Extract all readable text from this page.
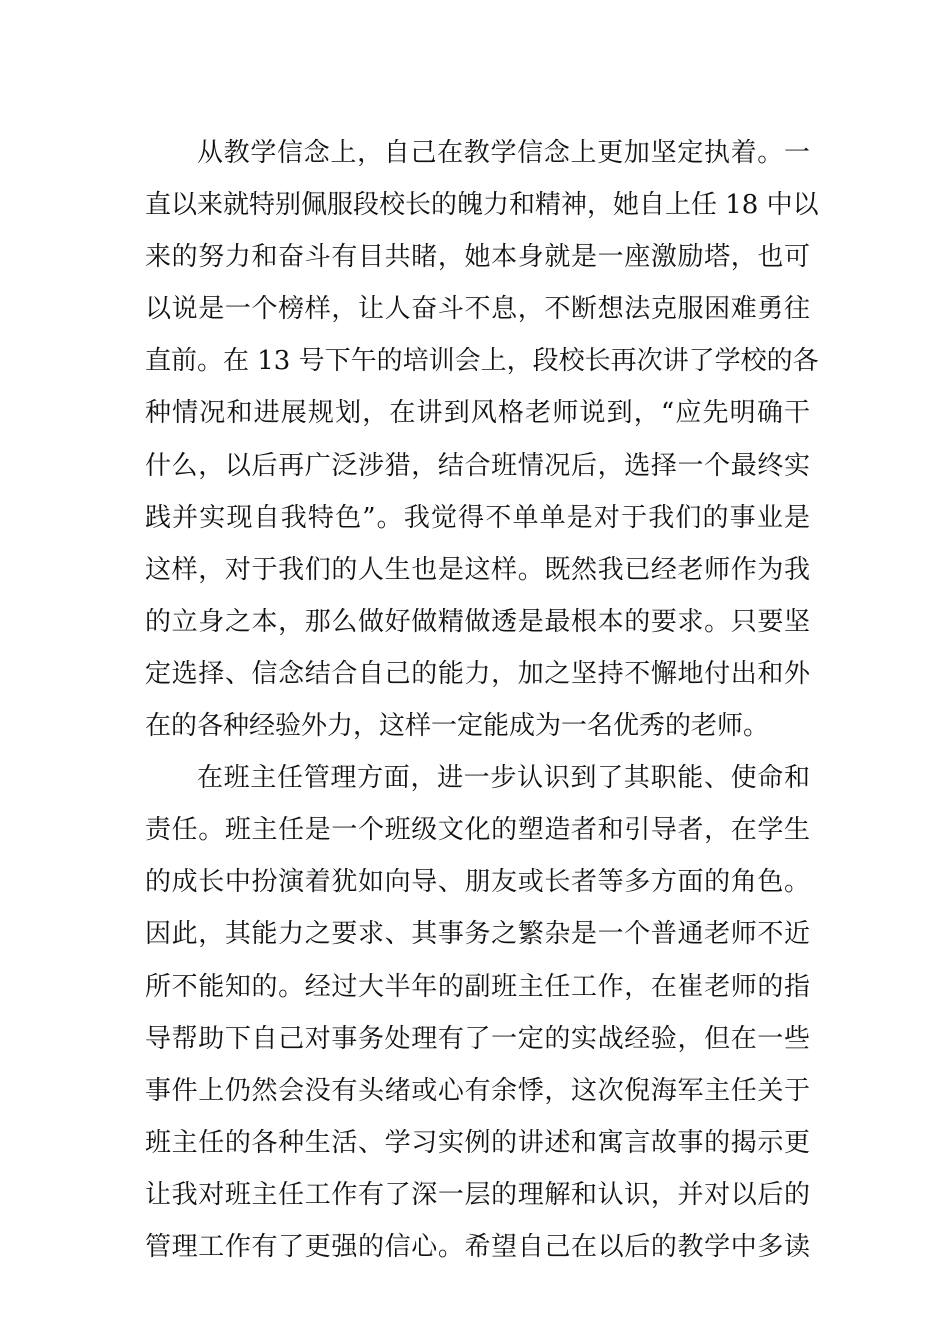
从教学信念上，自己在教学信念上更加坚定执着。一
直以来就特别佩服段校长的魄力和精神，她自上任 18 中以
来的努力和奋斗有目共睹，她本身就是一座激励塔，也可
以说是一个榜样，让人奋斗不息，不断想法克服困难勇往
直前。在 13 号下午的培训会上，段校长再次讲了学校的各
种情况和进展规划，在讲到风格老师说到，“应先明确干
什么，以后再广泛涉猎，结合班情况后，选择一个最终实
践并实现自我特色”。我觉得不单单是对于我们的事业是
这样，对于我们的人生也是这样。既然我已经老师作为我
的立身之本，那么做好做精做透是最根本的要求。只要坚
定选择、信念结合自己的能力，加之坚持不懈地付出和外
在的各种经验外力，这样一定能成为一名优秀的老师。
在班主任管理方面，进一步认识到了其职能、使命和
责任。班主任是一个班级文化的塑造者和引导者，在学生
的成长中扮演着犹如向导、朋友或长者等多方面的角色。
因此，其能力之要求、其事务之繁杂是一个普通老师不近
所不能知的。经过大半年的副班主任工作，在崔老师的指
导帮助下自己对事务处理有了一定的实战经验，但在一些
事件上仍然会没有头绪或心有余悸，这次倪海军主任关于
班主任的各种生活、学习实例的讲述和寓言故事的揭示更
让我对班主任工作有了深一层的理解和认识，并对以后的
管理工作有了更强的信心。希望自己在以后的教学中多读
